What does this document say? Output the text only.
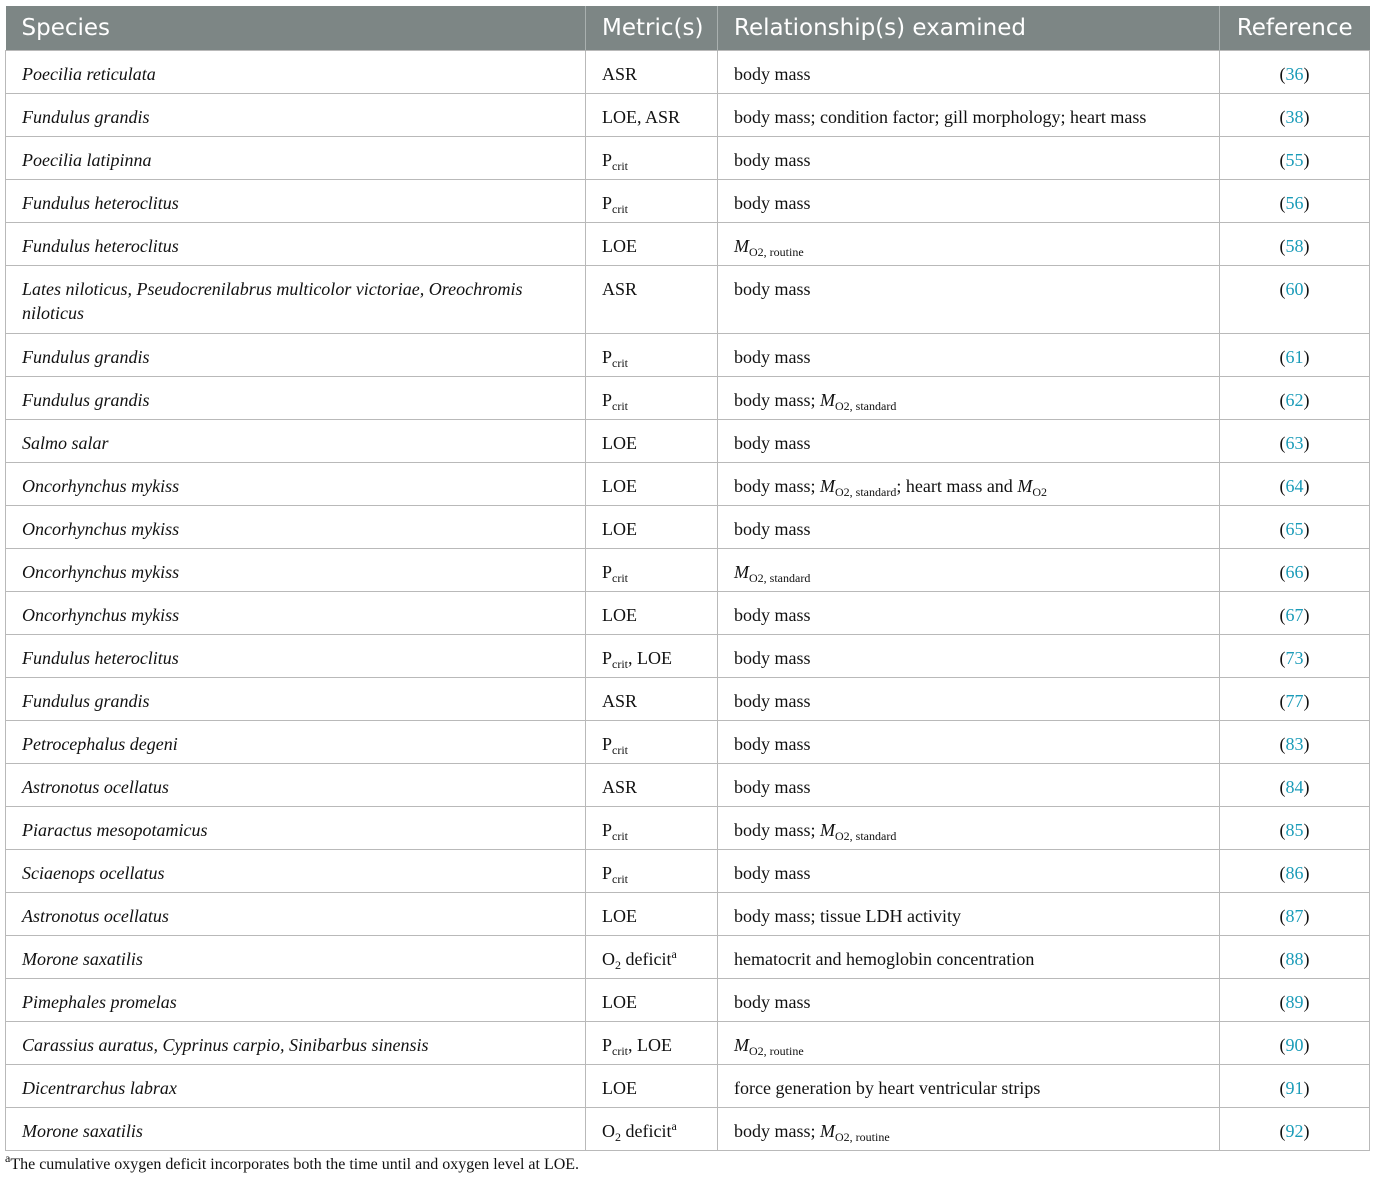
Species	Metric(s)	Relationship(s) examined	Reference
Poecilia reticulata	ASR	body mass	(36)
Fundulus grandis	LOE, ASR	body mass; condition factor; gill morphology; heart mass	(38)
Poecilia latipinna	$P_{crit}$	body mass	(55)
Fundulus heteroclitus	$P_{crit}$	body mass	(56)
Fundulus heteroclitus	LOE	$M_{O2, routine}$	(58)
Lates niloticus, Pseudocrenilabrus multicolor victoriae, Oreochromis niloticus	ASR	body mass	(60)
Fundulus grandis	$P_{crit}$	body mass	(61)
Fundulus grandis	$P_{crit}$	body mass; $M_{O2, standard}$	(62)
Salmo salar	LOE	body mass	(63)
Oncorhynchus mykiss	LOE	body mass; $M_{O2, standard}$; heart mass and $M_{O2}$	(64)
Oncorhynchus mykiss	LOE	body mass	(65)
Oncorhynchus mykiss	$P_{crit}$	$M_{O2, standard}$	(66)
Oncorhynchus mykiss	LOE	body mass	(67)
Fundulus heteroclitus	$P_{crit}$, LOE	body mass	(73)
Fundulus grandis	ASR	body mass	(77)
Petrocephalus degeni	$P_{crit}$	body mass	(83)
Astronotus ocellatus	ASR	body mass	(84)
Piaractus mesopotamicus	$P_{crit}$	body mass; $M_{O2, standard}$	(85)
Sciaenops ocellatus	$P_{crit}$	body mass	(86)
Astronotus ocellatus	LOE	body mass; tissue LDH activity	(87)
Morone saxatilis	$O_2$ deficit$^a$	hematocrit and hemoglobin concentration	(88)
Pimephales promelas	LOE	body mass	(89)
Carassius auratus, Cyprinus carpio, Sinibarbus sinensis	$P_{crit}$, LOE	$M_{O2, routine}$	(90)
Dicentrarchus labrax	LOE	force generation by heart ventricular strips	(91)
Morone saxatilis	$O_2$ deficit$^a$	body mass; $M_{O2, routine}$	(92)
$^a$The cumulative oxygen deficit incorporates both the time until and oxygen level at LOE.
